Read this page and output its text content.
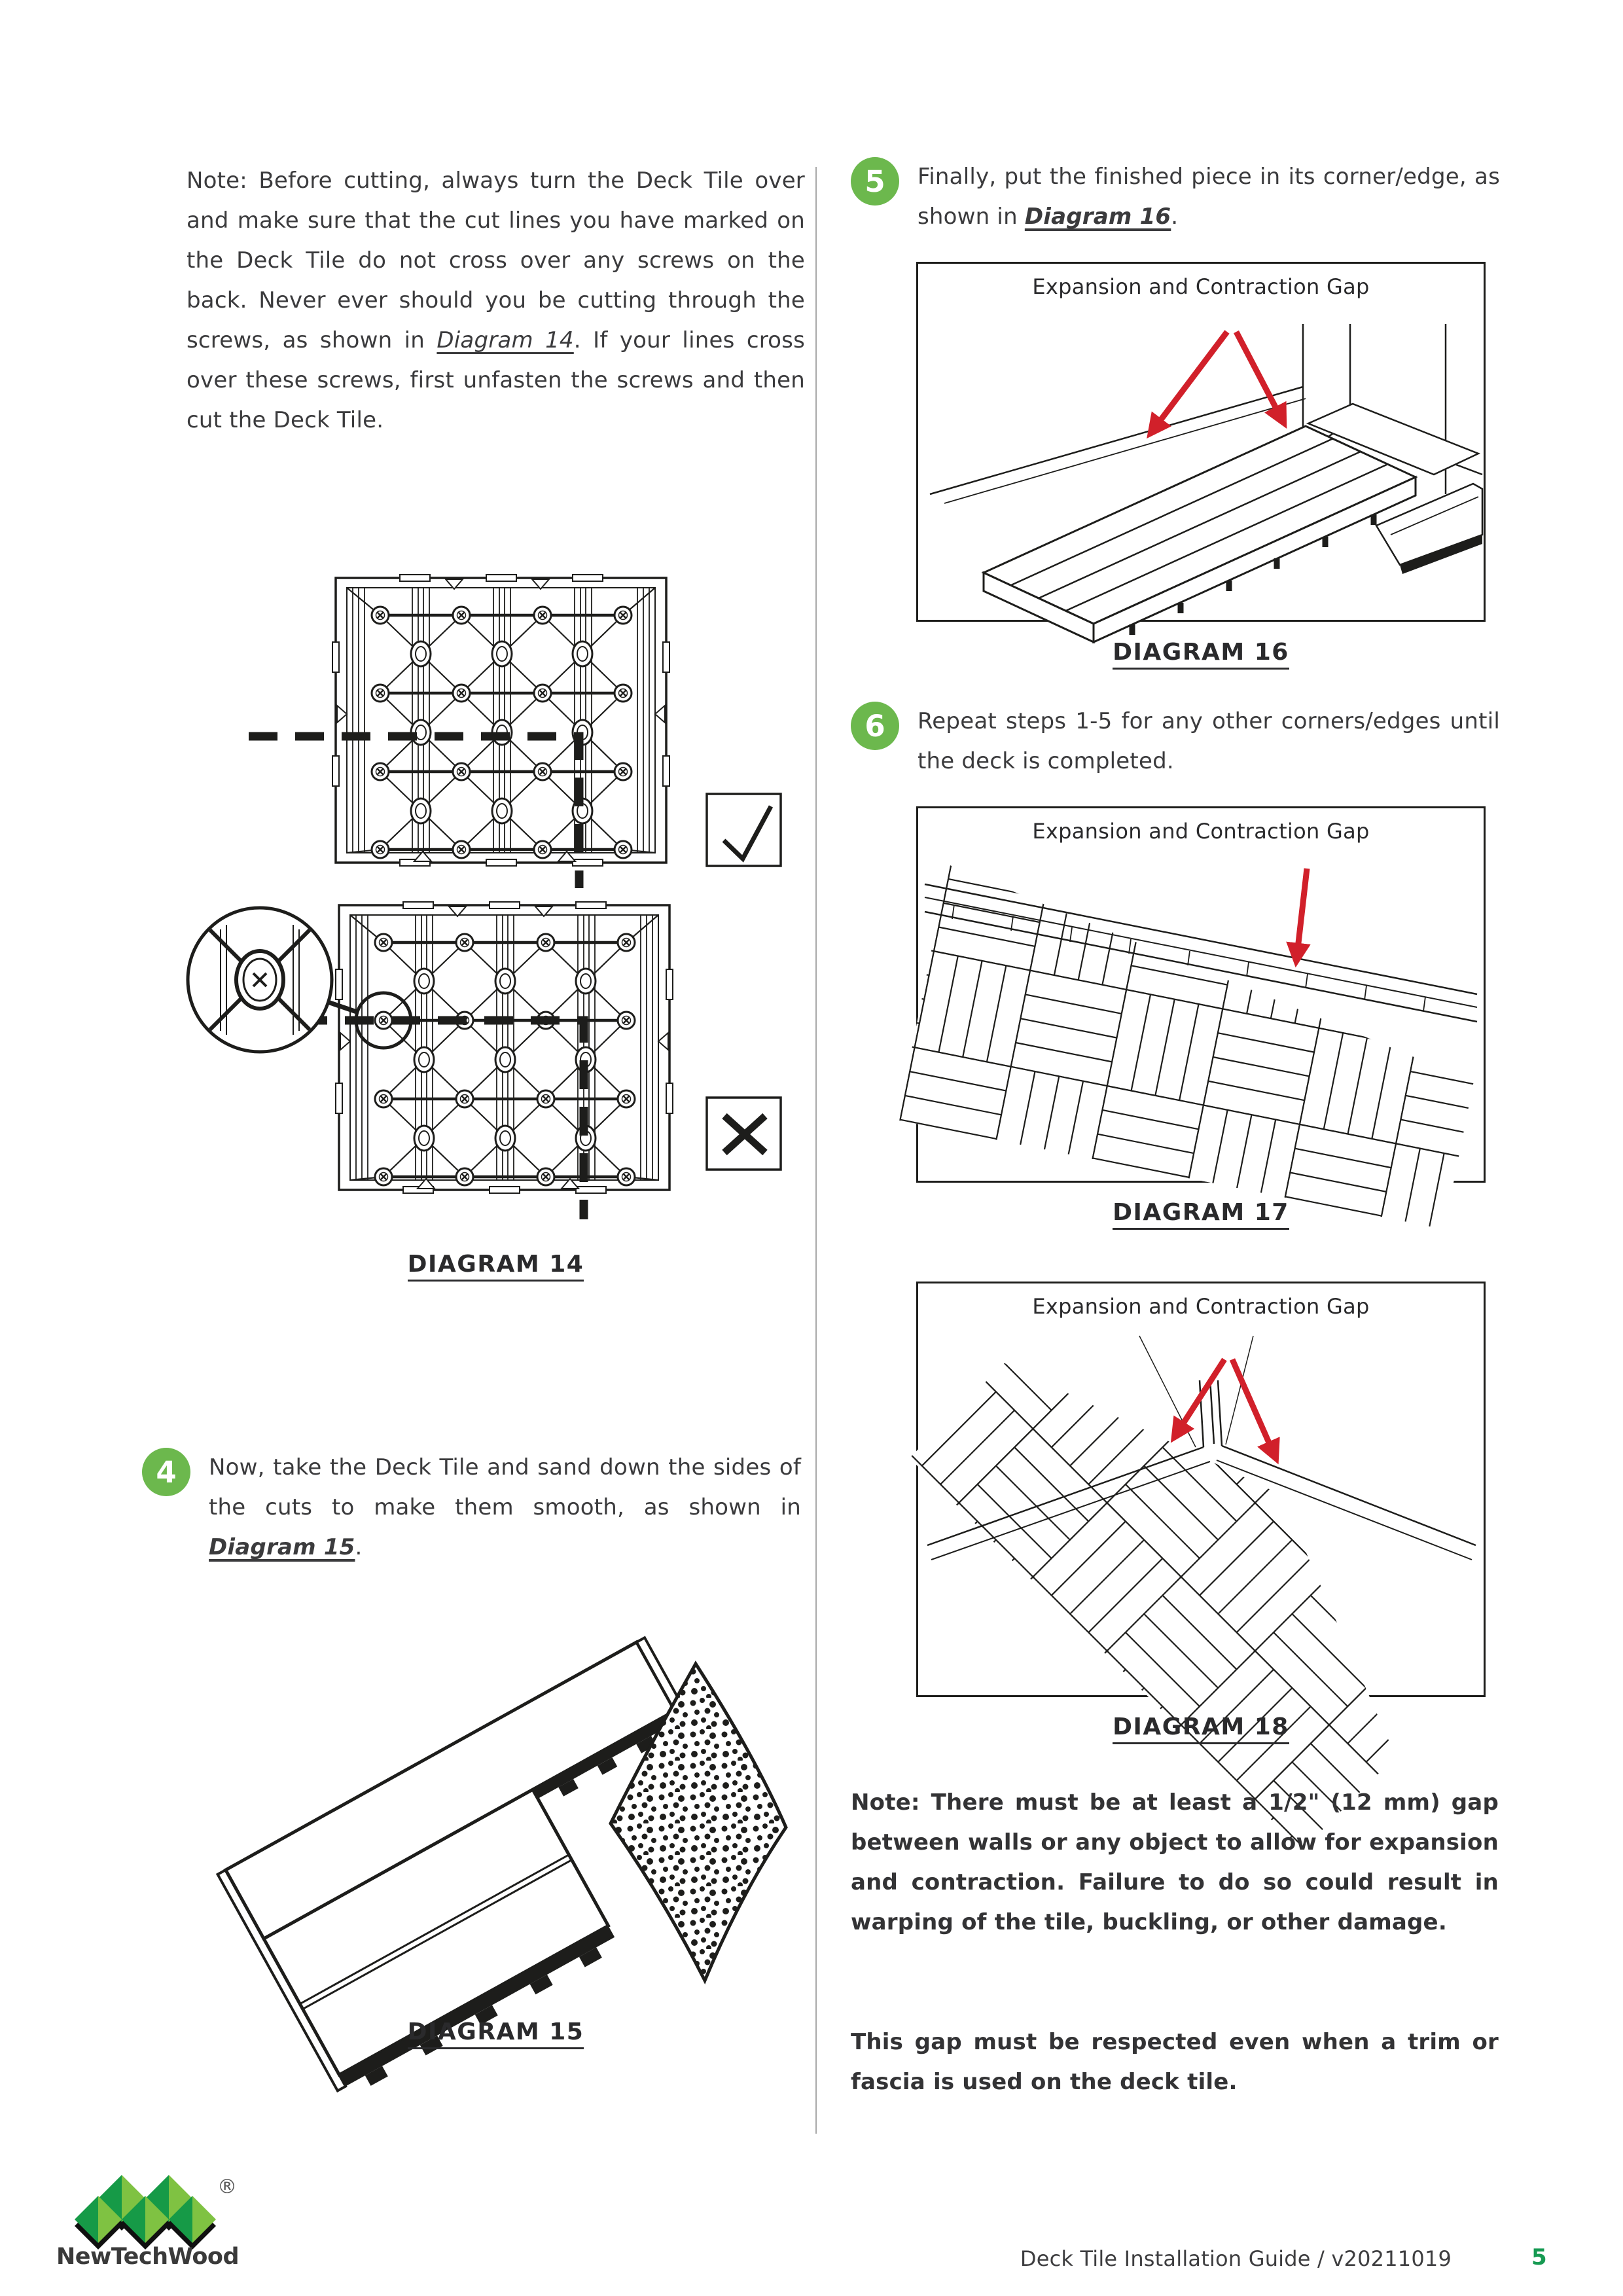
Note: Before cutting, always turn the Deck Tile over and make sure that the cut lines you have marked on the Deck Tile do not cross over any screws on the back. Never ever should you be cutting through the screws, as shown in Diagram 14. If your lines cross over these screws, first unfasten the screws and then cut the Deck Tile.

DIAGRAM 14
4	Now, take the Deck Tile and sand down the sides of the cuts to make them smooth, as shown in Diagram 15.
DIAGRAM 15
5	Finally, put the finished piece in its corner/edge, as shown in Diagram 16.
Expansion and Contraction Gap
DIAGRAM 16
6	Repeat steps 1-5 for any other corners/edges until the deck is completed.
Expansion and Contraction Gap
DIAGRAM 17
Expansion and Contraction Gap
DIAGRAM 18

Note: There must be at least a 1/2" (12 mm) gap between walls or any object to allow for expansion and contraction. Failure to do so could result in warping of the tile, buckling, or other damage.

This gap must be respected even when a trim or fascia is used on the deck tile.

®
NewTechWood	Deck Tile Installation Guide / v20211019	5
